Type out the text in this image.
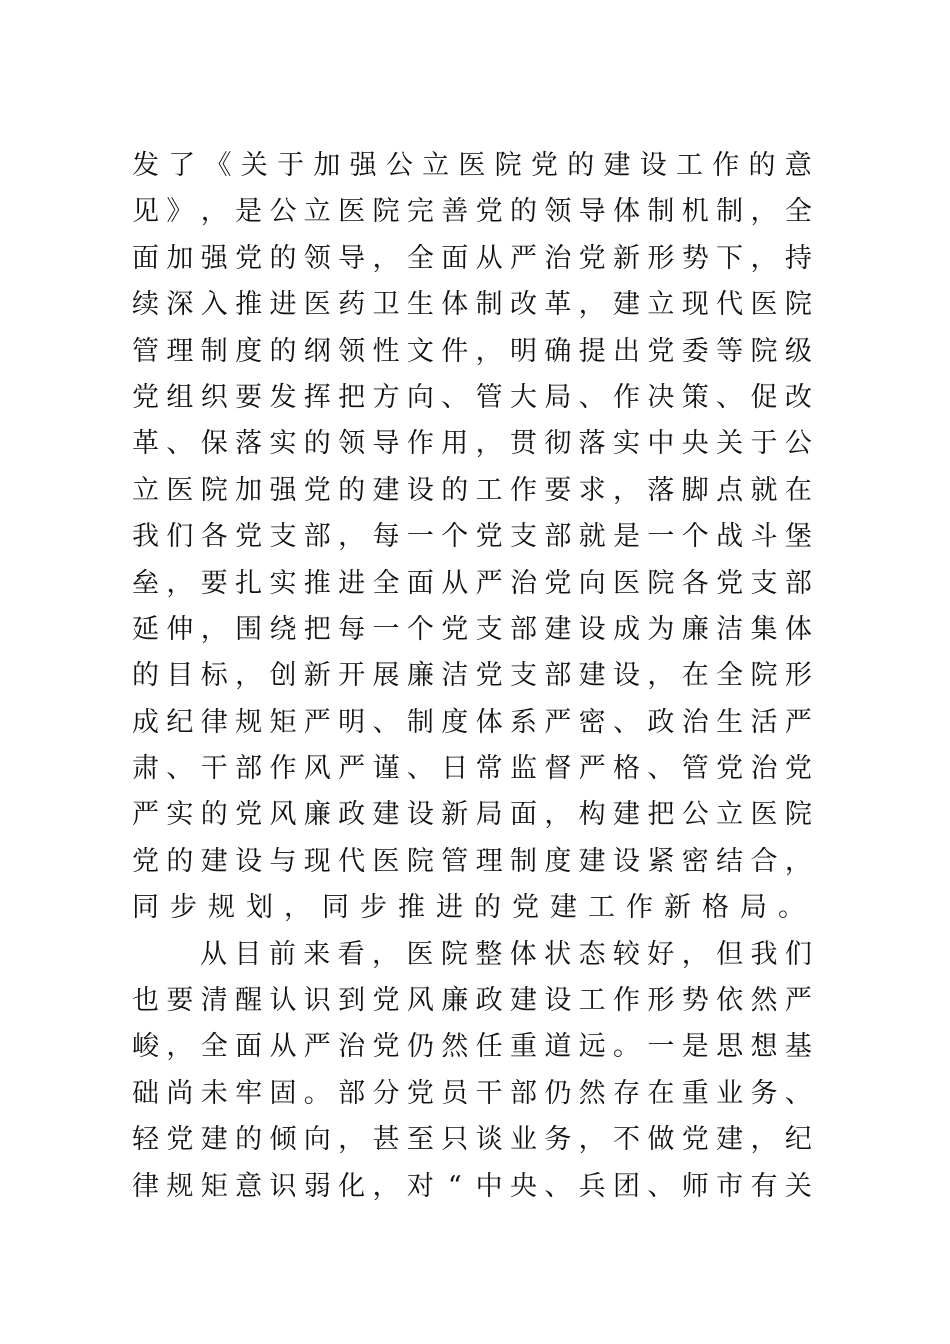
发 了 《 关 于 加 强 公 立 医 院 党 的 建 设 工 作 的 意
见 》 ， 是 公 立 医 院 完 善 党 的 领 导 体 制 机 制 ， 全
面 加 强 党 的 领 导 ， 全 面 从 严 治 党 新 形 势 下 ， 持
续 深 入 推 进 医 药 卫 生 体 制 改 革 ， 建 立 现 代 医 院
管 理 制 度 的 纲 领 性 文 件 ， 明 确 提 出 党 委 等 院 级
党 组 织 要 发 挥 把 方 向 、 管 大 局 、 作 决 策 、 促 改
革 、 保 落 实 的 领 导 作 用 ， 贯 彻 落 实 中 央 关 于 公
立 医 院 加 强 党 的 建 设 的 工 作 要 求 ， 落 脚 点 就 在
我 们 各 党 支 部 ， 每 一 个 党 支 部 就 是 一 个 战 斗 堡
垒 ， 要 扎 实 推 进 全 面 从 严 治 党 向 医 院 各 党 支 部
延 伸 ， 围 绕 把 每 一 个 党 支 部 建 设 成 为 廉 洁 集 体
的 目 标 ， 创 新 开 展 廉 洁 党 支 部 建 设 ， 在 全 院 形
成 纪 律 规 矩 严 明 、 制 度 体 系 严 密 、 政 治 生 活 严
肃 、 干 部 作 风 严 谨 、 日 常 监 督 严 格 、 管 党 治 党
严 实 的 党 风 廉 政 建 设 新 局 面 ， 构 建 把 公 立 医 院
党 的 建 设 与 现 代 医 院 管 理 制 度 建 设 紧 密 结 合 ，
同步规划，同步推进的党建工作新格局。
从 目 前 来 看 ， 医 院 整 体 状 态 较 好 ， 但 我 们
也 要 清 醒 认 识 到 党 风 廉 政 建 设 工 作 形 势 依 然 严
峻 ， 全 面 从 严 治 党 仍 然 任 重 道 远 。 一 是 思 想 基
础 尚 未 牢 固 。 部 分 党 员 干 部 仍 然 存 在 重 业 务 、
轻 党 建 的 倾 向 ， 甚 至 只 谈 业 务 ， 不 做 党 建 ， 纪
律 规 矩 意 识 弱 化 ， 对 “ 中 央 、 兵 团 、 师 市 有 关
